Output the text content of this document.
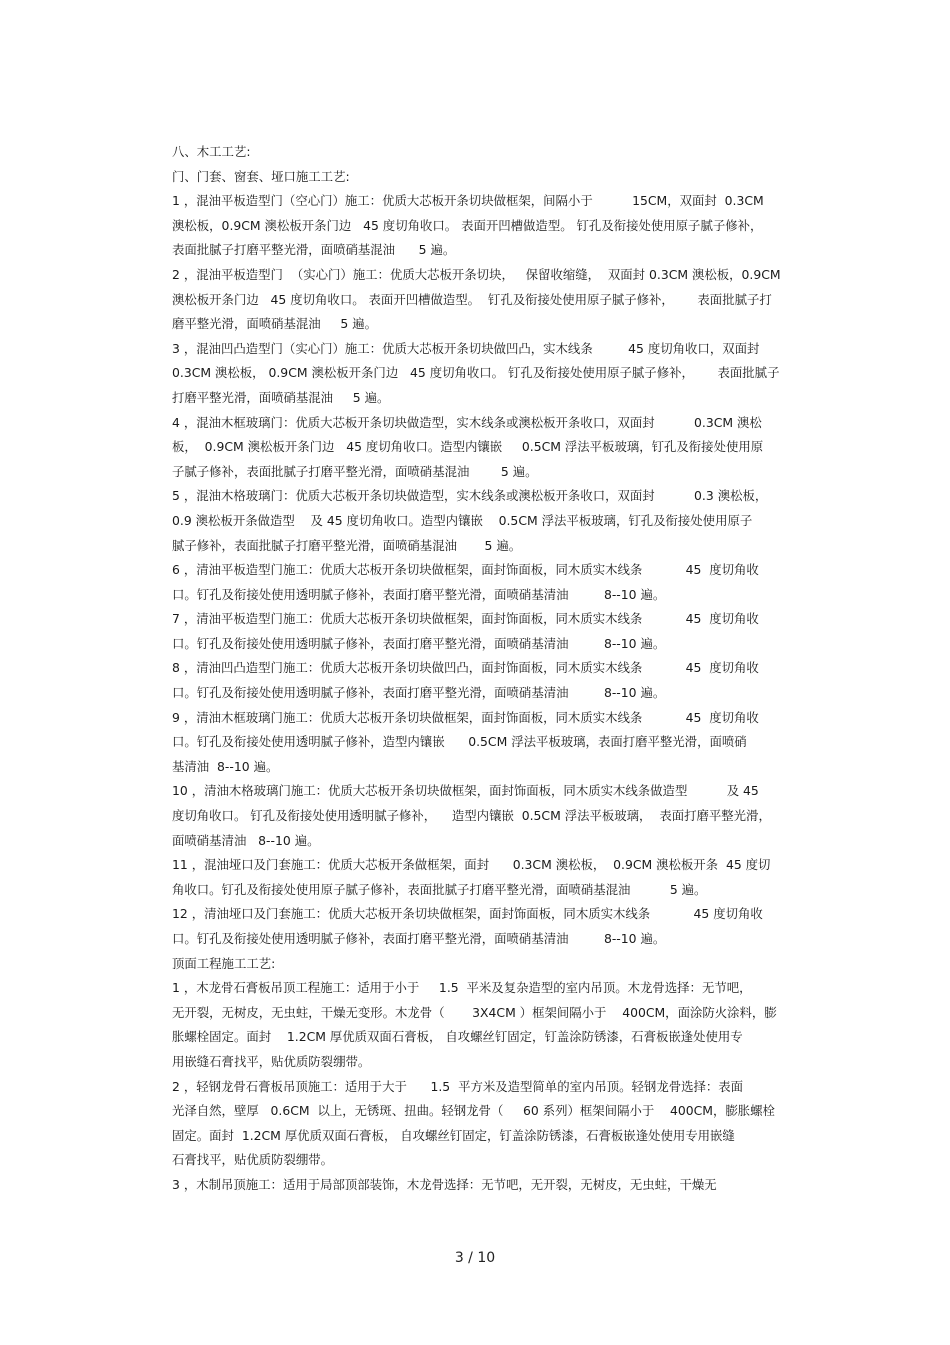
八、木工工艺:
门、门套、窗套、垭口施工工艺:
1 ，混油平板造型门（空心门）施工：优质大芯板开条切块做框架，间隔小于          15CM，双面封  0.3CM
澳松板，0.9CM 澳松板开条门边   45 度切角收口。 表面开凹槽做造型。 钉孔及衔接处使用原子腻子修补，
表面批腻子打磨平整光滑，面喷硝基混油      5 遍。
2 ，混油平板造型门  （实心门）施工：优质大芯板开条切块，   保留收缩缝，  双面封 0.3CM 澳松板，0.9CM
澳松板开条门边   45 度切角收口。 表面开凹槽做造型。  钉孔及衔接处使用原子腻子修补，      表面批腻子打
磨平整光滑，面喷硝基混油     5 遍。
3 ，混油凹凸造型门（实心门）施工：优质大芯板开条切块做凹凸，实木线条         45 度切角收口，双面封
0.3CM 澳松板， 0.9CM 澳松板开条门边   45 度切角收口。 钉孔及衔接处使用原子腻子修补，      表面批腻子
打磨平整光滑，面喷硝基混油     5 遍。
4 ，混油木框玻璃门：优质大芯板开条切块做造型，实木线条或澳松板开条收口，双面封          0.3CM 澳松
板，  0.9CM 澳松板开条门边   45 度切角收口。造型内镶嵌     0.5CM 浮法平板玻璃，钉孔及衔接处使用原
子腻子修补，表面批腻子打磨平整光滑，面喷硝基混油        5 遍。
5 ，混油木格玻璃门：优质大芯板开条切块做造型，实木线条或澳松板开条收口，双面封          0.3 澳松板，
0.9 澳松板开条做造型    及 45 度切角收口。造型内镶嵌    0.5CM 浮法平板玻璃，钉孔及衔接处使用原子
腻子修补，表面批腻子打磨平整光滑，面喷硝基混油       5 遍。
6 ，清油平板造型门施工：优质大芯板开条切块做框架，面封饰面板，同木质实木线条           45  度切角收
口。钉孔及衔接处使用透明腻子修补，表面打磨平整光滑，面喷硝基清油         8--10 遍。
7 ，清油平板造型门施工：优质大芯板开条切块做框架，面封饰面板，同木质实木线条           45  度切角收
口。钉孔及衔接处使用透明腻子修补，表面打磨平整光滑，面喷硝基清油         8--10 遍。
8 ，清油凹凸造型门施工：优质大芯板开条切块做凹凸，面封饰面板，同木质实木线条           45  度切角收
口。钉孔及衔接处使用透明腻子修补，表面打磨平整光滑，面喷硝基清油         8--10 遍。
9 ，清油木框玻璃门施工：优质大芯板开条切块做框架，面封饰面板，同木质实木线条           45  度切角收
口。钉孔及衔接处使用透明腻子修补，造型内镶嵌      0.5CM 浮法平板玻璃，表面打磨平整光滑，面喷硝
基清油  8--10 遍。
10 ，清油木格玻璃门施工：优质大芯板开条切块做框架，面封饰面板，同木质实木线条做造型          及 45
度切角收口。 钉孔及衔接处使用透明腻子修补，    造型内镶嵌  0.5CM 浮法平板玻璃，  表面打磨平整光滑，
面喷硝基清油   8--10 遍。
11 ，混油垭口及门套施工：优质大芯板开条做框架，面封      0.3CM 澳松板，  0.9CM 澳松板开条  45 度切
角收口。钉孔及衔接处使用原子腻子修补，表面批腻子打磨平整光滑，面喷硝基混油          5 遍。
12 ，清油垭口及门套施工：优质大芯板开条切块做框架，面封饰面板，同木质实木线条           45 度切角收
口。钉孔及衔接处使用透明腻子修补，表面打磨平整光滑，面喷硝基清油         8--10 遍。
顶面工程施工工艺:
1 ，木龙骨石膏板吊顶工程施工：适用于小于     1.5  平米及复杂造型的室内吊顶。木龙骨选择：无节吧，
无开裂，无树皮，无虫蛀，干燥无变形。木龙骨（       3X4CM ）框架间隔小于    400CM，面涂防火涂料，膨
胀螺栓固定。面封    1.2CM 厚优质双面石膏板， 自攻螺丝钉固定，钉盖涂防锈漆，石膏板嵌逢处使用专
用嵌缝石膏找平，贴优质防裂绷带。
2 ，轻钢龙骨石膏板吊顶施工：适用于大于      1.5  平方米及造型简单的室内吊顶。轻钢龙骨选择：表面
光泽自然，壁厚   0.6CM  以上，无锈斑、扭曲。轻钢龙骨（     60 系列）框架间隔小于    400CM，膨胀螺栓
固定。面封  1.2CM 厚优质双面石膏板， 自攻螺丝钉固定，钉盖涂防锈漆，石膏板嵌逢处使用专用嵌缝
石膏找平，贴优质防裂绷带。
3 ，木制吊顶施工：适用于局部顶部装饰，木龙骨选择：无节吧，无开裂，无树皮，无虫蛀，干燥无
3 / 10
